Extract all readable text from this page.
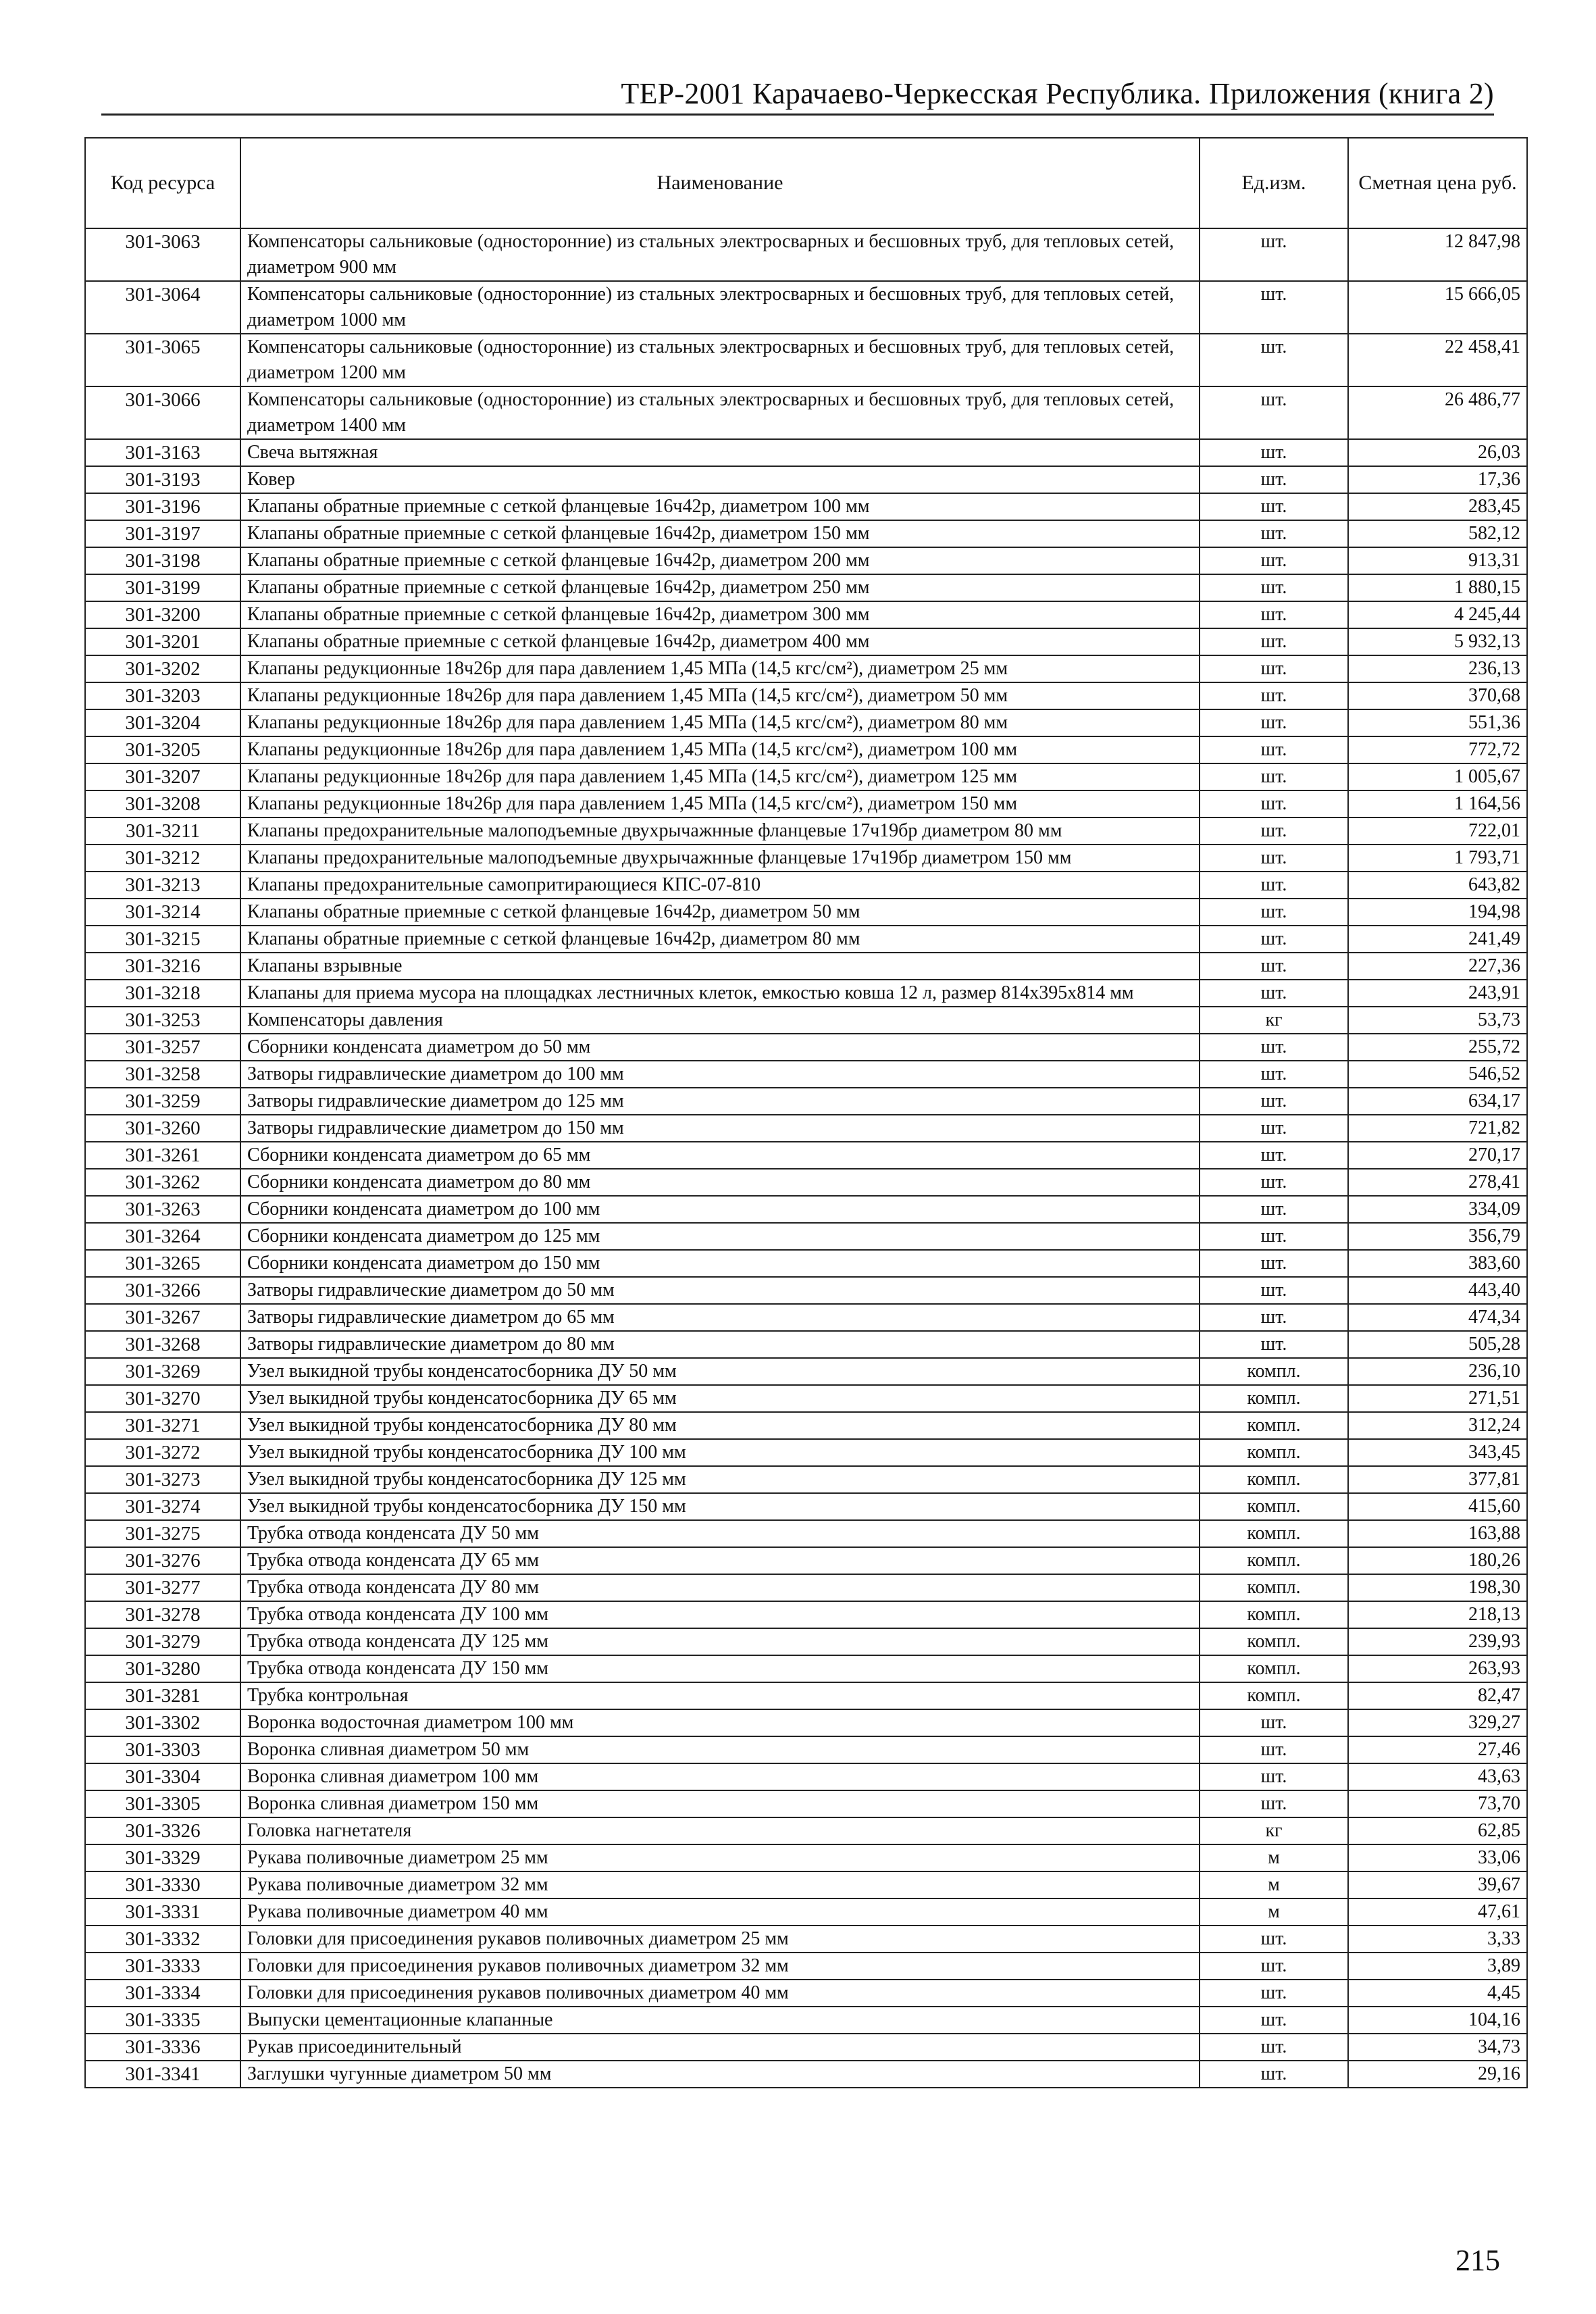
ТЕР-2001 Карачаево-Черкесская Республика. Приложения (книга 2)
Код ресурса	Наименование	Ед.изм.	Сметная цена руб.
301-3063	Компенсаторы сальниковые (односторонние) из стальных электросварных и бесшовных труб, для тепловых сетей, диаметром 900 мм	шт.	12 847,98
301-3064	Компенсаторы сальниковые (односторонние) из стальных электросварных и бесшовных труб, для тепловых сетей, диаметром 1000 мм	шт.	15 666,05
301-3065	Компенсаторы сальниковые (односторонние) из стальных электросварных и бесшовных труб, для тепловых сетей, диаметром 1200 мм	шт.	22 458,41
301-3066	Компенсаторы сальниковые (односторонние) из стальных электросварных и бесшовных труб, для тепловых сетей, диаметром 1400 мм	шт.	26 486,77
301-3163	Свеча вытяжная	шт.	26,03
301-3193	Ковер	шт.	17,36
301-3196	Клапаны обратные приемные с сеткой фланцевые 16ч42р, диаметром 100 мм	шт.	283,45
301-3197	Клапаны обратные приемные с сеткой фланцевые 16ч42р, диаметром 150 мм	шт.	582,12
301-3198	Клапаны обратные приемные с сеткой фланцевые 16ч42р, диаметром 200 мм	шт.	913,31
301-3199	Клапаны обратные приемные с сеткой фланцевые 16ч42р, диаметром 250 мм	шт.	1 880,15
301-3200	Клапаны обратные приемные с сеткой фланцевые 16ч42р, диаметром 300 мм	шт.	4 245,44
301-3201	Клапаны обратные приемные с сеткой фланцевые 16ч42р, диаметром 400 мм	шт.	5 932,13
301-3202	Клапаны редукционные 18ч26р для пара давлением 1,45 МПа (14,5 кгс/см²), диаметром 25 мм	шт.	236,13
301-3203	Клапаны редукционные 18ч26р для пара давлением 1,45 МПа (14,5 кгс/см²), диаметром 50 мм	шт.	370,68
301-3204	Клапаны редукционные 18ч26р для пара давлением 1,45 МПа (14,5 кгс/см²), диаметром 80 мм	шт.	551,36
301-3205	Клапаны редукционные 18ч26р для пара давлением 1,45 МПа (14,5 кгс/см²), диаметром 100 мм	шт.	772,72
301-3207	Клапаны редукционные 18ч26р для пара давлением 1,45 МПа (14,5 кгс/см²), диаметром 125 мм	шт.	1 005,67
301-3208	Клапаны редукционные 18ч26р для пара давлением 1,45 МПа (14,5 кгс/см²), диаметром 150 мм	шт.	1 164,56
301-3211	Клапаны предохранительные малоподъемные двухрычажнные фланцевые 17ч19бр диаметром 80 мм	шт.	722,01
301-3212	Клапаны предохранительные малоподъемные двухрычажнные фланцевые 17ч19бр диаметром 150 мм	шт.	1 793,71
301-3213	Клапаны предохранительные самопритирающиеся КПС-07-810	шт.	643,82
301-3214	Клапаны обратные приемные с сеткой фланцевые 16ч42р, диаметром 50 мм	шт.	194,98
301-3215	Клапаны обратные приемные с сеткой фланцевые 16ч42р, диаметром 80 мм	шт.	241,49
301-3216	Клапаны взрывные	шт.	227,36
301-3218	Клапаны для приема мусора на площадках лестничных клеток, емкостью ковша 12 л, размер 814х395х814 мм	шт.	243,91
301-3253	Компенсаторы давления	кг	53,73
301-3257	Сборники конденсата диаметром до 50 мм	шт.	255,72
301-3258	Затворы гидравлические диаметром до 100 мм	шт.	546,52
301-3259	Затворы гидравлические диаметром до 125 мм	шт.	634,17
301-3260	Затворы гидравлические диаметром до 150 мм	шт.	721,82
301-3261	Сборники конденсата диаметром до 65 мм	шт.	270,17
301-3262	Сборники конденсата диаметром до 80 мм	шт.	278,41
301-3263	Сборники конденсата диаметром до 100 мм	шт.	334,09
301-3264	Сборники конденсата диаметром до 125 мм	шт.	356,79
301-3265	Сборники конденсата диаметром до 150 мм	шт.	383,60
301-3266	Затворы гидравлические диаметром до 50 мм	шт.	443,40
301-3267	Затворы гидравлические диаметром до 65 мм	шт.	474,34
301-3268	Затворы гидравлические диаметром до 80 мм	шт.	505,28
301-3269	Узел выкидной трубы конденсатосборника ДУ 50 мм	компл.	236,10
301-3270	Узел выкидной трубы конденсатосборника ДУ 65 мм	компл.	271,51
301-3271	Узел выкидной трубы конденсатосборника ДУ 80 мм	компл.	312,24
301-3272	Узел выкидной трубы конденсатосборника ДУ 100 мм	компл.	343,45
301-3273	Узел выкидной трубы конденсатосборника ДУ 125 мм	компл.	377,81
301-3274	Узел выкидной трубы конденсатосборника ДУ 150 мм	компл.	415,60
301-3275	Трубка отвода конденсата ДУ 50 мм	компл.	163,88
301-3276	Трубка отвода конденсата ДУ 65 мм	компл.	180,26
301-3277	Трубка отвода конденсата ДУ 80 мм	компл.	198,30
301-3278	Трубка отвода конденсата ДУ 100 мм	компл.	218,13
301-3279	Трубка отвода конденсата ДУ 125 мм	компл.	239,93
301-3280	Трубка отвода конденсата ДУ 150 мм	компл.	263,93
301-3281	Трубка контрольная	компл.	82,47
301-3302	Воронка водосточная диаметром 100 мм	шт.	329,27
301-3303	Воронка сливная диаметром 50 мм	шт.	27,46
301-3304	Воронка сливная диаметром 100 мм	шт.	43,63
301-3305	Воронка сливная диаметром 150 мм	шт.	73,70
301-3326	Головка нагнетателя	кг	62,85
301-3329	Рукава поливочные диаметром 25 мм	м	33,06
301-3330	Рукава поливочные диаметром 32 мм	м	39,67
301-3331	Рукава поливочные диаметром 40 мм	м	47,61
301-3332	Головки для присоединения рукавов поливочных диаметром 25 мм	шт.	3,33
301-3333	Головки для присоединения рукавов поливочных диаметром 32 мм	шт.	3,89
301-3334	Головки для присоединения рукавов поливочных диаметром 40 мм	шт.	4,45
301-3335	Выпуски цементационные клапанные	шт.	104,16
301-3336	Рукав присоединительный	шт.	34,73
301-3341	Заглушки чугунные диаметром 50 мм	шт.	29,16
215
